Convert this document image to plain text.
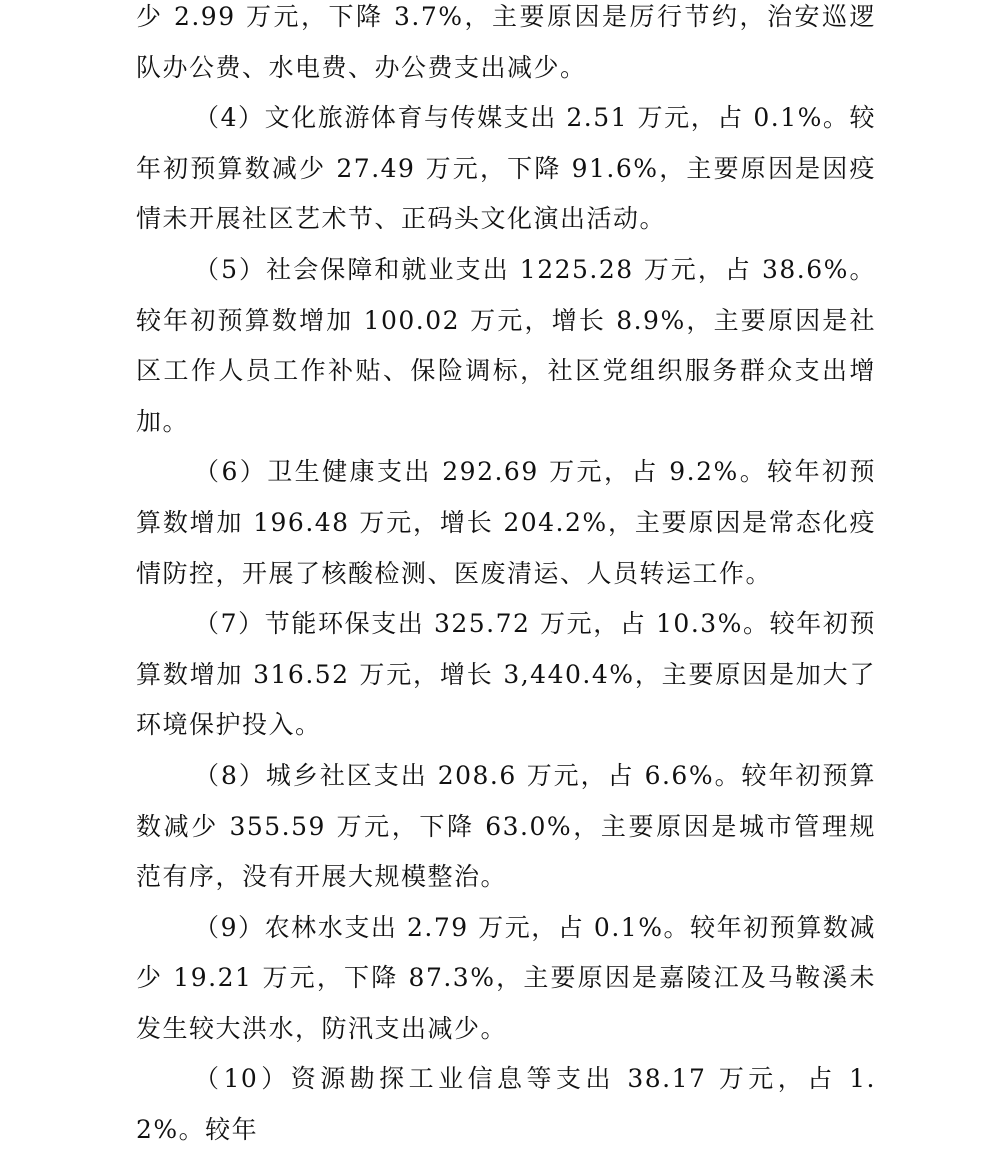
少 2.99 万元，下降 3.7%，主要原因是厉行节约，治安巡逻队办公费、水电费、办公费支出减少。

（4）文化旅游体育与传媒支出 2.51 万元，占 0.1%。较年初预算数减少 27.49 万元，下降 91.6%，主要原因是因疫情未开展社区艺术节、正码头文化演出活动。

（5）社会保障和就业支出 1225.28 万元，占 38.6%。较年初预算数增加 100.02 万元，增长 8.9%，主要原因是社区工作人员工作补贴、保险调标，社区党组织服务群众支出增加。

（6）卫生健康支出 292.69 万元，占 9.2%。较年初预算数增加 196.48 万元，增长 204.2%，主要原因是常态化疫情防控，开展了核酸检测、医废清运、人员转运工作。

（7）节能环保支出 325.72 万元，占 10.3%。较年初预算数增加 316.52 万元，增长 3,440.4%，主要原因是加大了环境保护投入。

（8）城乡社区支出 208.6 万元，占 6.6%。较年初预算数减少 355.59 万元，下降 63.0%，主要原因是城市管理规范有序，没有开展大规模整治。

（9）农林水支出 2.79 万元，占 0.1%。较年初预算数减少 19.21 万元，下降 87.3%，主要原因是嘉陵江及马鞍溪未发生较大洪水，防汛支出减少。

（10）资源勘探工业信息等支出 38.17 万元，占 1.2%。较年
